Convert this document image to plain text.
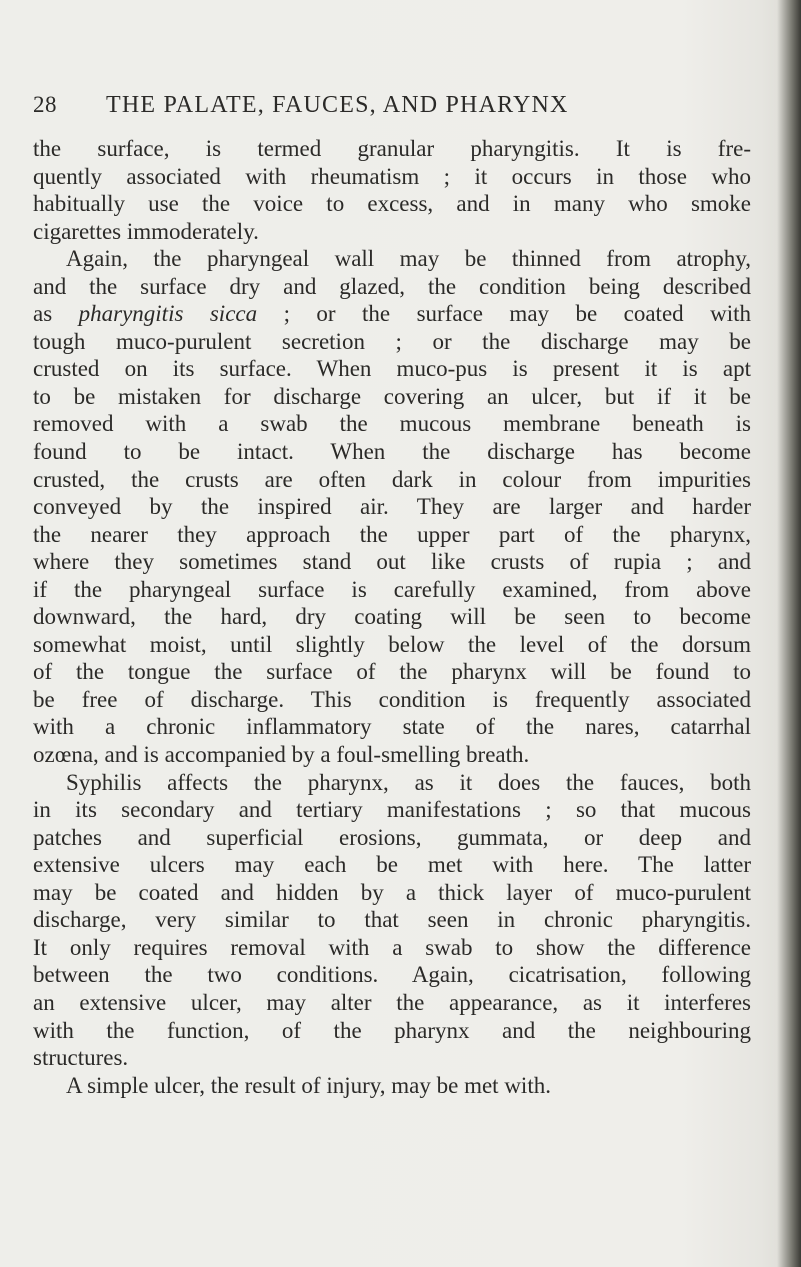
28 THE PALATE, FAUCES, AND PHARYNX
the surface, is termed granular pharyngitis. It is fre-
quently associated with rheumatism ; it occurs in those who
habitually use the voice to excess, and in many who smoke
cigarettes immoderately.
Again, the pharyngeal wall may be thinned from atrophy,
and the surface dry and glazed, the condition being described
as pharyngitis sicca ; or the surface may be coated with
tough muco-purulent secretion ; or the discharge may be
crusted on its surface. When muco-pus is present it is apt
to be mistaken for discharge covering an ulcer, but if it be
removed with a swab the mucous membrane beneath is
found to be intact. When the discharge has become
crusted, the crusts are often dark in colour from impurities
conveyed by the inspired air. They are larger and harder
the nearer they approach the upper part of the pharynx,
where they sometimes stand out like crusts of rupia ; and
if the pharyngeal surface is carefully examined, from above
downward, the hard, dry coating will be seen to become
somewhat moist, until slightly below the level of the dorsum
of the tongue the surface of the pharynx will be found to
be free of discharge. This condition is frequently associated
with a chronic inflammatory state of the nares, catarrhal
ozœna, and is accompanied by a foul-smelling breath.
Syphilis affects the pharynx, as it does the fauces, both
in its secondary and tertiary manifestations ; so that mucous
patches and superficial erosions, gummata, or deep and
extensive ulcers may each be met with here. The latter
may be coated and hidden by a thick layer of muco-purulent
discharge, very similar to that seen in chronic pharyngitis.
It only requires removal with a swab to show the difference
between the two conditions. Again, cicatrisation, following
an extensive ulcer, may alter the appearance, as it interferes
with the function, of the pharynx and the neighbouring
structures.
A simple ulcer, the result of injury, may be met with.
